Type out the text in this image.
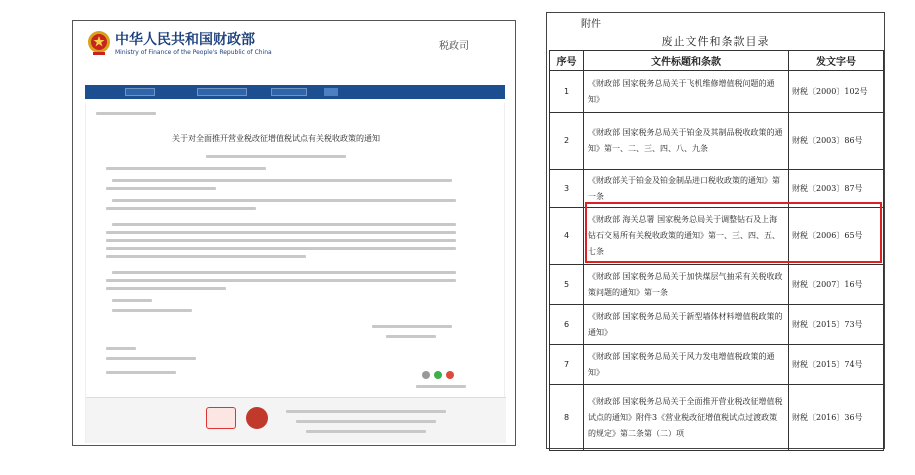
中华人民共和国财政部
Ministry of Finance of the People's Republic of China
税政司
关于对全面推开营业税改征增值税试点有关税收政策的通知
附件
废止文件和条款目录
序号	文件标题和条款	发文字号
1	《财政部 国家税务总局关于飞机维修增值税问题的通知》	财税〔2000〕102号
2	《财政部 国家税务总局关于铂金及其制品税收政策的通知》第一、二、三、四、八、九条	财税〔2003〕86号
3	《财政部关于铂金及铂金制品进口税收政策的通知》第一条	财税〔2003〕87号
4	《财政部 海关总署 国家税务总局关于调整钻石及上海钻石交易所有关税收政策的通知》第一、三、四、五、七条	财税〔2006〕65号
5	《财政部 国家税务总局关于加快煤层气抽采有关税收政策问题的通知》第一条	财税〔2007〕16号
6	《财政部 国家税务总局关于新型墙体材料增值税政策的通知》	财税〔2015〕73号
7	《财政部 国家税务总局关于风力发电增值税政策的通知》	财税〔2015〕74号
8	《财政部 国家税务总局关于全面推开营业税改征增值税试点的通知》附件3《营业税改征增值税试点过渡政策的规定》第二条第（二）项	财税〔2016〕36号
